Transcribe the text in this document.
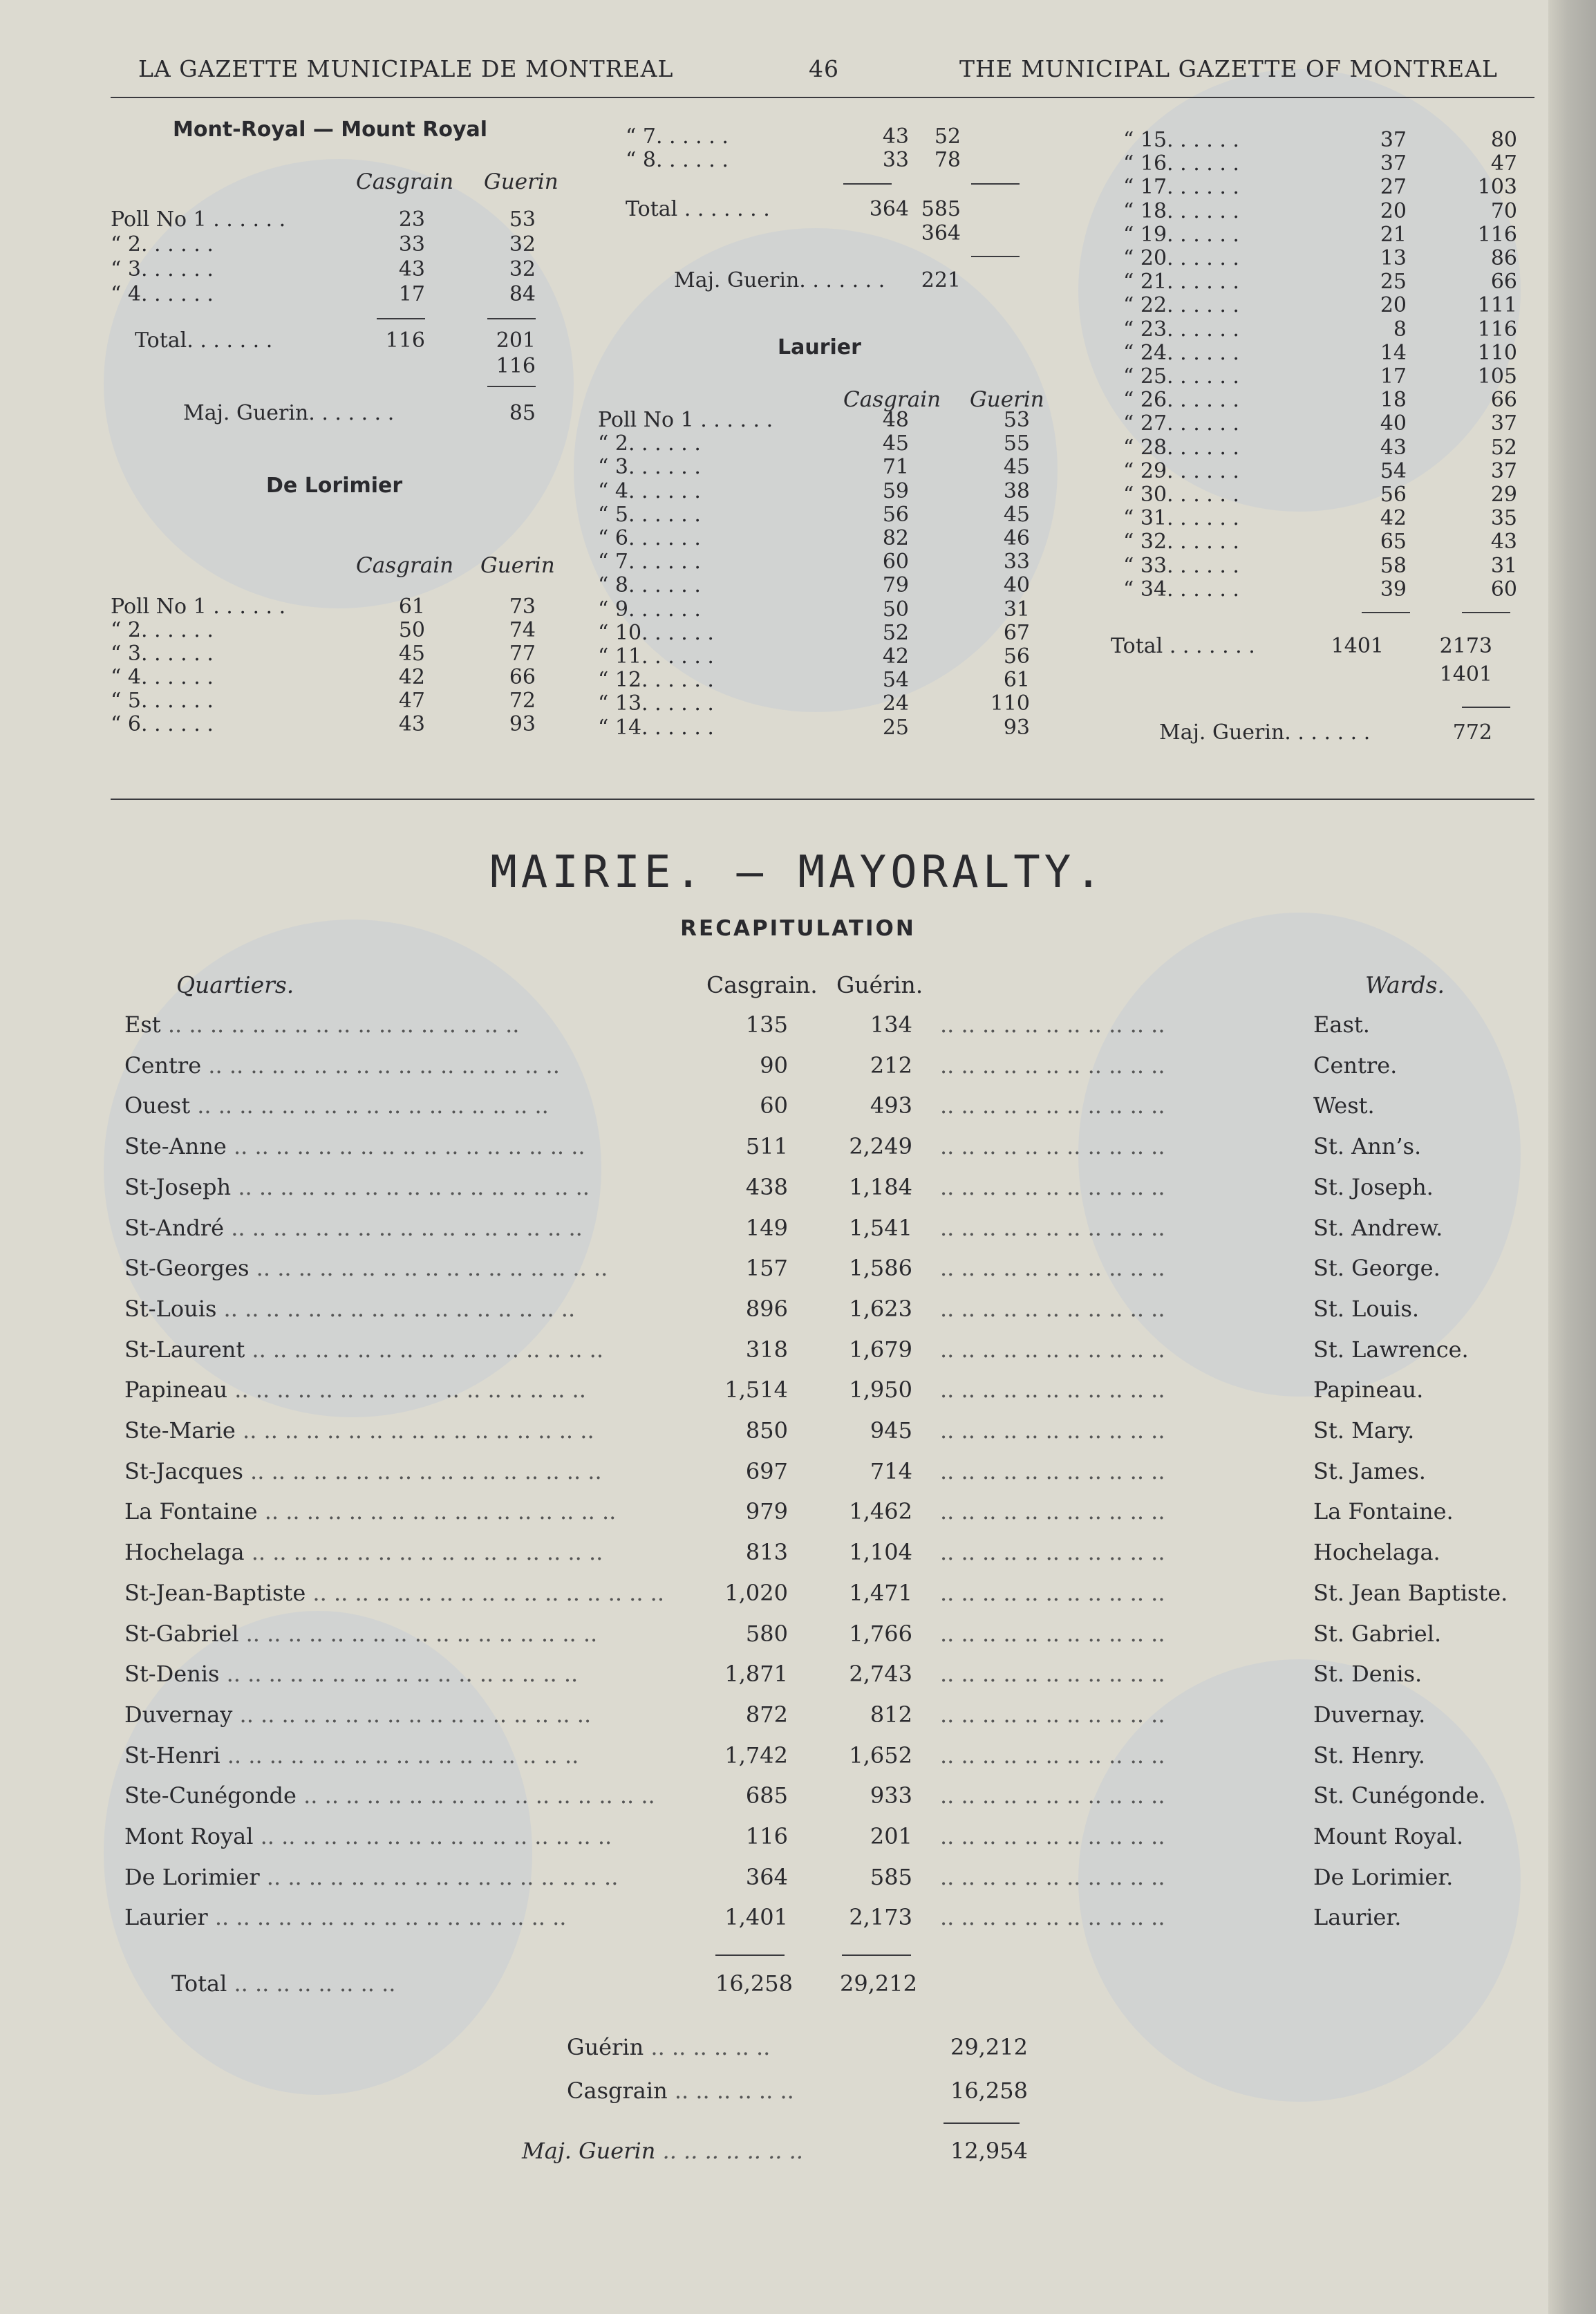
LA GAZETTE MUNICIPALE DE MONTREAL	46	THE MUNICIPAL GAZETTE OF MONTREAL
Mont-Royal — Mount Royal
Casgrain Guerin
Poll No 1 . . . . . .	23	53
“ 2. . . . . .	33	32
“ 3. . . . . .	43	32
“ 4. . . . . .	17	84
Total. . . . . . .	116	201
116
Maj. Guerin. . . . . . .	85
De Lorimier
Casgrain Guerin
Poll No 1 . . . . . .	61	73
“ 2. . . . . .	50	74
“ 3. . . . . .	45	77
“ 4. . . . . .	42	66
“ 5. . . . . .	47	72
“ 6. . . . . .	43	93
“ 7. . . . . .	43	52
“ 8. . . . . .	33	78
Total . . . . . . .	364 585
364
Maj. Guerin. . . . . . .	221
Laurier
Casgrain Guerin
Poll No 1 . . . . . .	48	53
“ 2. . . . . .	45	55
“ 3. . . . . .	71	45
“ 4. . . . . .	59	38
“ 5. . . . . .	56	45
“ 6. . . . . .	82	46
“ 7. . . . . .	60	33
“ 8. . . . . .	79	40
“ 9. . . . . .	50	31
“ 10. . . . . .	52	67
“ 11. . . . . .	42	56
“ 12. . . . . .	54	61
“ 13. . . . . .	24	110
“ 14. . . . . .	25	93
“ 15. . . . . .	37	80
“ 16. . . . . .	37	47
“ 17. . . . . .	27	103
“ 18. . . . . .	20	70
“ 19. . . . . .	21	116
“ 20. . . . . .	13	86
“ 21. . . . . .	25	66
“ 22. . . . . .	20	111
“ 23. . . . . .	8	116
“ 24. . . . . .	14	110
“ 25. . . . . .	17	105
“ 26. . . . . .	18	66
“ 27. . . . . .	40	37
“ 28. . . . . .	43	52
“ 29. . . . . .	54	37
“ 30. . . . . .	56	29
“ 31. . . . . .	42	35
“ 32. . . . . .	65	43
“ 33. . . . . .	58	31
“ 34. . . . . .	39	60
Total . . . . . . .	1401	2173
1401
Maj. Guerin. . . . . . .	772
MAIRIE. — MAYORALTY.
RECAPITULATION
Quartiers.	Casgrain. Guérin.	Wards.
Est .. .. .. .. .. .. .. .. .. .. .. .. .. .. .. .. ..	135	134 .. .. .. .. .. .. .. .. .. .. ..	East.
Centre .. .. .. .. .. .. .. .. .. .. .. .. .. .. .. .. ..	90	212 .. .. .. .. .. .. .. .. .. .. ..	Centre.
Ouest .. .. .. .. .. .. .. .. .. .. .. .. .. .. .. .. ..	60	493 .. .. .. .. .. .. .. .. .. .. ..	West.
Ste-Anne .. .. .. .. .. .. .. .. .. .. .. .. .. .. .. .. ..	511	2,249 .. .. .. .. .. .. .. .. .. .. ..	St. Ann’s.
St-Joseph .. .. .. .. .. .. .. .. .. .. .. .. .. .. .. .. ..	438	1,184 .. .. .. .. .. .. .. .. .. .. ..	St. Joseph.
St-André .. .. .. .. .. .. .. .. .. .. .. .. .. .. .. .. ..	149	1,541 .. .. .. .. .. .. .. .. .. .. ..	St. Andrew.
St-Georges .. .. .. .. .. .. .. .. .. .. .. .. .. .. .. .. ..	157	1,586 .. .. .. .. .. .. .. .. .. .. ..	St. George.
St-Louis .. .. .. .. .. .. .. .. .. .. .. .. .. .. .. .. ..	896	1,623 .. .. .. .. .. .. .. .. .. .. ..	St. Louis.
St-Laurent .. .. .. .. .. .. .. .. .. .. .. .. .. .. .. .. ..	318	1,679 .. .. .. .. .. .. .. .. .. .. ..	St. Lawrence.
Papineau .. .. .. .. .. .. .. .. .. .. .. .. .. .. .. .. ..	1,514	1,950 .. .. .. .. .. .. .. .. .. .. ..	Papineau.
Ste-Marie .. .. .. .. .. .. .. .. .. .. .. .. .. .. .. .. ..	850	945 .. .. .. .. .. .. .. .. .. .. ..	St. Mary.
St-Jacques .. .. .. .. .. .. .. .. .. .. .. .. .. .. .. .. ..	697	714 .. .. .. .. .. .. .. .. .. .. ..	St. James.
La Fontaine .. .. .. .. .. .. .. .. .. .. .. .. .. .. .. .. ..	979	1,462 .. .. .. .. .. .. .. .. .. .. ..	La Fontaine.
Hochelaga .. .. .. .. .. .. .. .. .. .. .. .. .. .. .. .. ..	813	1,104 .. .. .. .. .. .. .. .. .. .. ..	Hochelaga.
St-Jean-Baptiste .. .. .. .. .. .. .. .. .. .. .. .. .. .. .. .. ..	1,020	1,471 .. .. .. .. .. .. .. .. .. .. ..	St. Jean Baptiste.
St-Gabriel .. .. .. .. .. .. .. .. .. .. .. .. .. .. .. .. ..	580	1,766 .. .. .. .. .. .. .. .. .. .. ..	St. Gabriel.
St-Denis .. .. .. .. .. .. .. .. .. .. .. .. .. .. .. .. ..	1,871	2,743 .. .. .. .. .. .. .. .. .. .. ..	St. Denis.
Duvernay .. .. .. .. .. .. .. .. .. .. .. .. .. .. .. .. ..	872	812 .. .. .. .. .. .. .. .. .. .. ..	Duvernay.
St-Henri .. .. .. .. .. .. .. .. .. .. .. .. .. .. .. .. ..	1,742	1,652 .. .. .. .. .. .. .. .. .. .. ..	St. Henry.
Ste-Cunégonde .. .. .. .. .. .. .. .. .. .. .. .. .. .. .. .. ..	685	933 .. .. .. .. .. .. .. .. .. .. ..	St. Cunégonde.
Mont Royal .. .. .. .. .. .. .. .. .. .. .. .. .. .. .. .. ..	116	201 .. .. .. .. .. .. .. .. .. .. ..	Mount Royal.
De Lorimier .. .. .. .. .. .. .. .. .. .. .. .. .. .. .. .. ..	364	585 .. .. .. .. .. .. .. .. .. .. ..	De Lorimier.
Laurier .. .. .. .. .. .. .. .. .. .. .. .. .. .. .. .. ..	1,401	2,173 .. .. .. .. .. .. .. .. .. .. ..	Laurier.
Total .. .. .. .. .. .. .. ..	16,258 29,212
Guérin .. .. .. .. .. ..	29,212
Casgrain .. .. .. .. .. ..	16,258
Maj. Guerin .. .. .. .. .. .. ..	12,954
